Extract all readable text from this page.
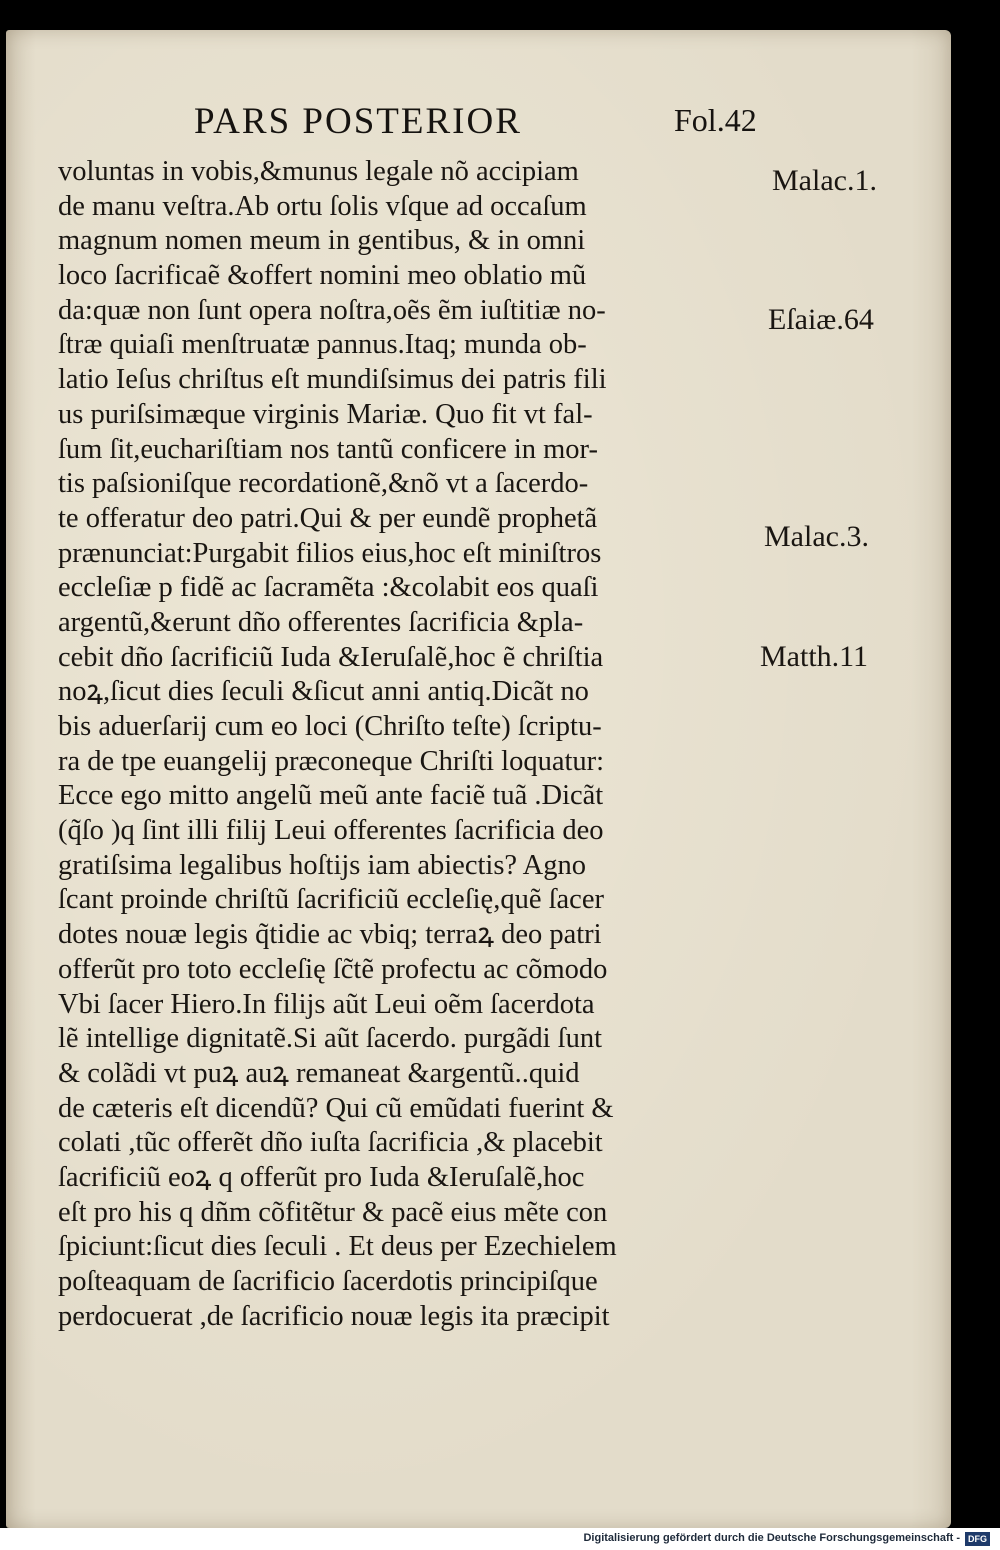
PARS POSTERIOR	Fol.42
voluntas in vobis,&munus legale nõ accipiam
de manu veſtra.Ab ortu ſolis vſque ad occaſum
magnum nomen meum in gentibus, & in omni
loco ſacrificaẽ &offert nomini meo oblatio mũ
da:quæ non ſunt opera noſtra,oẽs ẽm iuſtitiæ no-
ſtræ quiaſi menſtruatæ pannus.Itaq; munda ob-
latio Ieſus chriſtus eſt mundiſsimus dei patris fili
us puriſsimæque virginis Mariæ. Quo fit vt fal-
ſum ſit,euchariſtiam nos tantũ conficere in mor-
tis paſsioniſque recordationẽ,&nõ vt a ſacerdo-
te offeratur deo patri.Qui & per eundẽ prophetã
prænunciat:Purgabit filios eius,hoc eſt miniſtros
eccleſiæ p fidẽ ac ſacramẽta :&colabit eos quaſi
argentũ,&erunt dño offerentes ſacrificia &pla-
cebit dño ſacrificiũ Iuda &Ieruſalẽ,hoc ẽ chriſtia
noꝝ,ſicut dies ſeculi &ſicut anni antiq.Dicãt no
bis aduerſarij cum eo loci (Chriſto teſte) ſcriptu-
ra de tpe euangelij præconeque Chriſti loquatur:
Ecce ego mitto angelũ meũ ante faciẽ tuã .Dicãt
(q̃ſo )q ſint illi filij Leui offerentes ſacrificia deo
gratiſsima legalibus hoſtijs iam abiectis? Agno
ſcant proinde chriſtũ ſacrificiũ eccleſię,quẽ ſacer
dotes nouæ legis q̃tidie ac vbiq; terraꝝ deo patri
offerũt pro toto eccleſię ſc̃tẽ profectu ac cõmodo
Vbi ſacer Hiero.In filijs aũt Leui oẽm ſacerdota
lẽ intellige dignitatẽ.Si aũt ſacerdo. purgãdi ſunt
& colãdi vt puꝝ auꝝ remaneat &argentũ..quid
de cæteris eſt dicendũ? Qui cũ emũdati fuerint &
colati ,tũc offerẽt dño iuſta ſacrificia ,& placebit
ſacrificiũ eoꝝ q offerũt pro Iuda &Ieruſalẽ,hoc
eſt pro his q dñm cõfitẽtur & pacẽ eius mẽte con
ſpiciunt:ſicut dies ſeculi . Et deus per Ezechielem
poſteaquam de ſacrificio ſacerdotis principiſque
perdocuerat ,de ſacrificio nouæ legis ita præcipit
Malac.1.
Eſaiæ.64
Malac.3.
Matth.11
Digitalisierung gefördert durch die Deutsche Forschungsgemeinschaft - DFG
